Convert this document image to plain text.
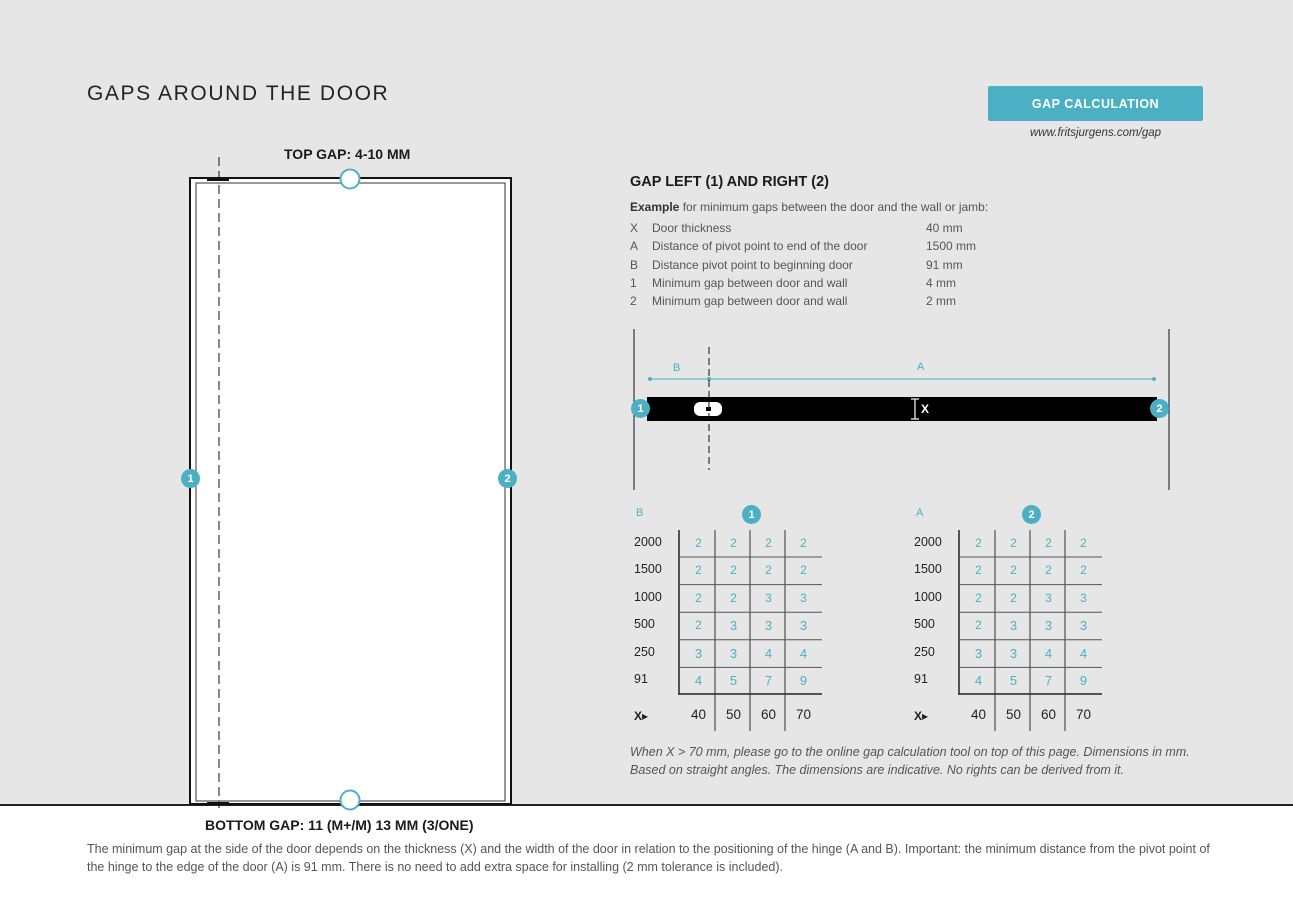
GAPS AROUND THE DOOR	GAP CALCULATION
www.fritsjurgens.com/gap
TOP GAP: 4-10 MM
1	2
BOTTOM GAP: 11 (M+/M) 13 MM (3/ONE)
GAP LEFT (1) AND RIGHT (2)
Example for minimum gaps between the door and the wall or jamb:
X	Door thickness	40 mm
A	Distance of pivot point to end of the door	1500 mm
B	Distance pivot point to beginning door	91 mm
1	Minimum gap between door and wall	4 mm
2	Minimum gap between door and wall	2 mm
B	A
X
1	2
B	1
2000	2	2	2	2
1500	2	2	2	2
1000	2	2	3	3
500	2	3	3	3
250	3	3	4	4
91	4	5	7	9
X▸	40	50	60	70
A	2
2000	2	2	2	2
1500	2	2	2	2
1000	2	2	3	3
500	2	3	3	3
250	3	3	4	4
91	4	5	7	9
X▸	40	50	60	70
When X > 70 mm, please go to the online gap calculation tool on top of this page. Dimensions in mm. Based on straight angles. The dimensions are indicative. No rights can be derived from it.
The minimum gap at the side of the door depends on the thickness (X) and the width of the door in relation to the positioning of the hinge (A and B). Important: the minimum distance from the pivot point of the hinge to the edge of the door (A) is 91 mm. There is no need to add extra space for installing (2 mm tolerance is included).
